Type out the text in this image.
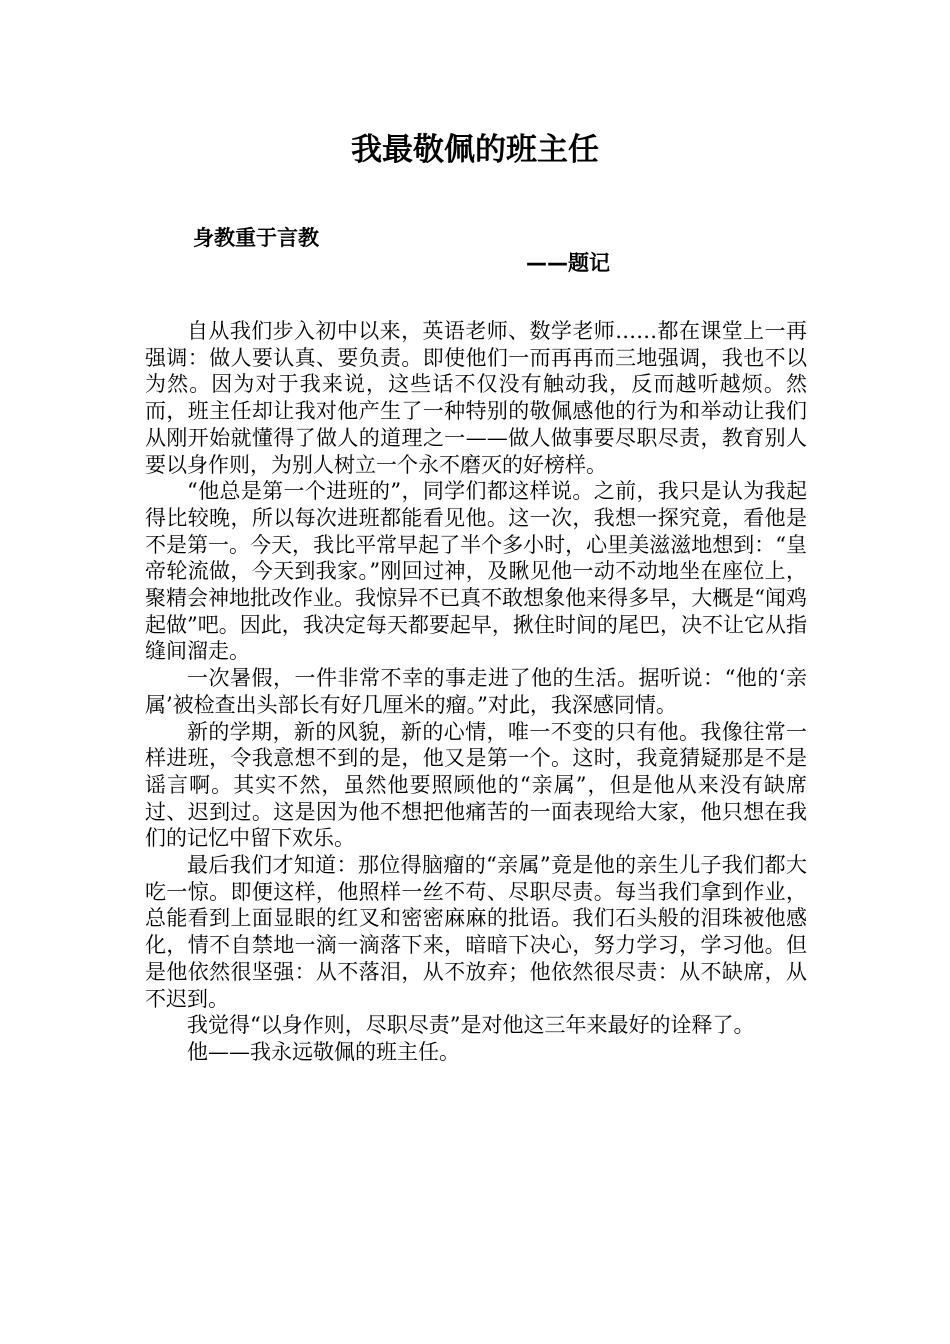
我最敬佩的班主任
身教重于言教
——题记

自从我们步入初中以来，英语老师、数学老师……都在课堂上一再强调：做人要认真、要负责。即使他们一而再再而三地强调，我也不以为然。因为对于我来说，这些话不仅没有触动我，反而越听越烦。然而，班主任却让我对他产生了一种特别的敬佩感他的行为和举动让我们从刚开始就懂得了做人的道理之一——做人做事要尽职尽责，教育别人要以身作则，为别人树立一个永不磨灭的好榜样。

“他总是第一个进班的”，同学们都这样说。之前，我只是认为我起得比较晚，所以每次进班都能看见他。这一次，我想一探究竟，看他是不是第一。今天，我比平常早起了半个多小时，心里美滋滋地想到：“皇帝轮流做，今天到我家。”刚回过神，及瞅见他一动不动地坐在座位上，聚精会神地批改作业。我惊异不已真不敢想象他来得多早，大概是“闻鸡起做”吧。因此，我决定每天都要起早，揪住时间的尾巴，决不让它从指缝间溜走。

一次暑假，一件非常不幸的事走进了他的生活。据听说：“他的‘亲属’被检查出头部长有好几厘米的瘤。”对此，我深感同情。

新的学期，新的风貌，新的心情，唯一不变的只有他。我像往常一样进班，令我意想不到的是，他又是第一个。这时，我竟猜疑那是不是谣言啊。其实不然，虽然他要照顾他的“亲属”，但是他从来没有缺席过、迟到过。这是因为他不想把他痛苦的一面表现给大家，他只想在我们的记忆中留下欢乐。

最后我们才知道：那位得脑瘤的“亲属”竟是他的亲生儿子我们都大吃一惊。即便这样，他照样一丝不苟、尽职尽责。每当我们拿到作业，总能看到上面显眼的红叉和密密麻麻的批语。我们石头般的泪珠被他感化，情不自禁地一滴一滴落下来，暗暗下决心，努力学习，学习他。但是他依然很坚强：从不落泪，从不放弃；他依然很尽责：从不缺席，从不迟到。

我觉得“以身作则，尽职尽责”是对他这三年来最好的诠释了。

他——我永远敬佩的班主任。
